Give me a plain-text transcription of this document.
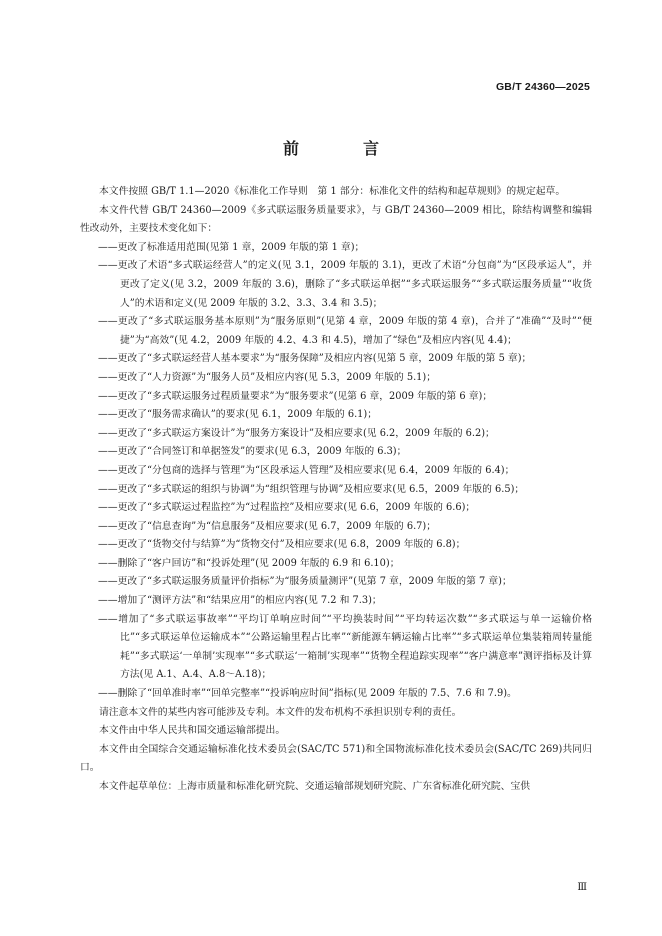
GB/T 24360—2025
前　言

本文件按照 GB/T 1.1—2020《标准化工作导则　第 1 部分：标准化文件的结构和起草规则》的规定起草。

本文件代替 GB/T 24360—2009《多式联运服务质量要求》，与 GB/T 24360—2009 相比，除结构调整和编辑性改动外，主要技术变化如下：

——更改了标准适用范围(见第 1 章，2009 年版的第 1 章)；

——更改了术语“多式联运经营人”的定义(见 3.1，2009 年版的 3.1)，更改了术语“分包商”为“区段承运人”，并更改了定义(见 3.2，2009 年版的 3.6)，删除了“多式联运单据”“多式联运服务”“多式联运服务质量”“收货人”的术语和定义(见 2009 年版的 3.2、3.3、3.4 和 3.5)；

——更改了“多式联运服务基本原则”为“服务原则”(见第 4 章，2009 年版的第 4 章)，合并了“准确”“及时”“便捷”为“高效”(见 4.2，2009 年版的 4.2、4.3 和 4.5)，增加了“绿色”及相应内容(见 4.4)；

——更改了“多式联运经营人基本要求”为“服务保障”及相应内容(见第 5 章，2009 年版的第 5 章)；

——更改了“人力资源”为“服务人员”及相应内容(见 5.3，2009 年版的 5.1)；

——更改了“多式联运服务过程质量要求”为“服务要求”(见第 6 章，2009 年版的第 6 章)；

——更改了“服务需求确认”的要求(见 6.1，2009 年版的 6.1)；

——更改了“多式联运方案设计”为“服务方案设计”及相应要求(见 6.2，2009 年版的 6.2)；

——更改了“合同签订和单据签发”的要求(见 6.3，2009 年版的 6.3)；

——更改了“分包商的选择与管理”为“区段承运人管理”及相应要求(见 6.4，2009 年版的 6.4)；

——更改了“多式联运的组织与协调”为“组织管理与协调”及相应要求(见 6.5，2009 年版的 6.5)；

——更改了“多式联运过程监控”为“过程监控”及相应要求(见 6.6，2009 年版的 6.6)；

——更改了“信息查询”为“信息服务”及相应要求(见 6.7，2009 年版的 6.7)；

——更改了“货物交付与结算”为“货物交付”及相应要求(见 6.8，2009 年版的 6.8)；

——删除了“客户回访”和“投诉处理”(见 2009 年版的 6.9 和 6.10)；

——更改了“多式联运服务质量评价指标”为“服务质量测评”(见第 7 章，2009 年版的第 7 章)；

——增加了“测评方法”和“结果应用”的相应内容(见 7.2 和 7.3)；

——增加了“多式联运事故率”“平均订单响应时间”“平均换装时间”“平均转运次数”“多式联运与单一运输价格比”“多式联运单位运输成本”“公路运输里程占比率”“新能源车辆运输占比率”“多式联运单位集装箱周转量能耗”“多式联运‘一单制’实现率”“多式联运‘一箱制’实现率”“货物全程追踪实现率”“客户满意率”测评指标及计算方法(见 A.1、A.4、A.8～A.18)；

——删除了“回单准时率”“回单完整率”“投诉响应时间”指标(见 2009 年版的 7.5、7.6 和 7.9)。

请注意本文件的某些内容可能涉及专利。本文件的发布机构不承担识别专利的责任。

本文件由中华人民共和国交通运输部提出。

本文件由全国综合交通运输标准化技术委员会(SAC/TC 571)和全国物流标准化技术委员会(SAC/TC 269)共同归口。

本文件起草单位：上海市质量和标准化研究院、交通运输部规划研究院、广东省标准化研究院、宝供

Ⅲ
